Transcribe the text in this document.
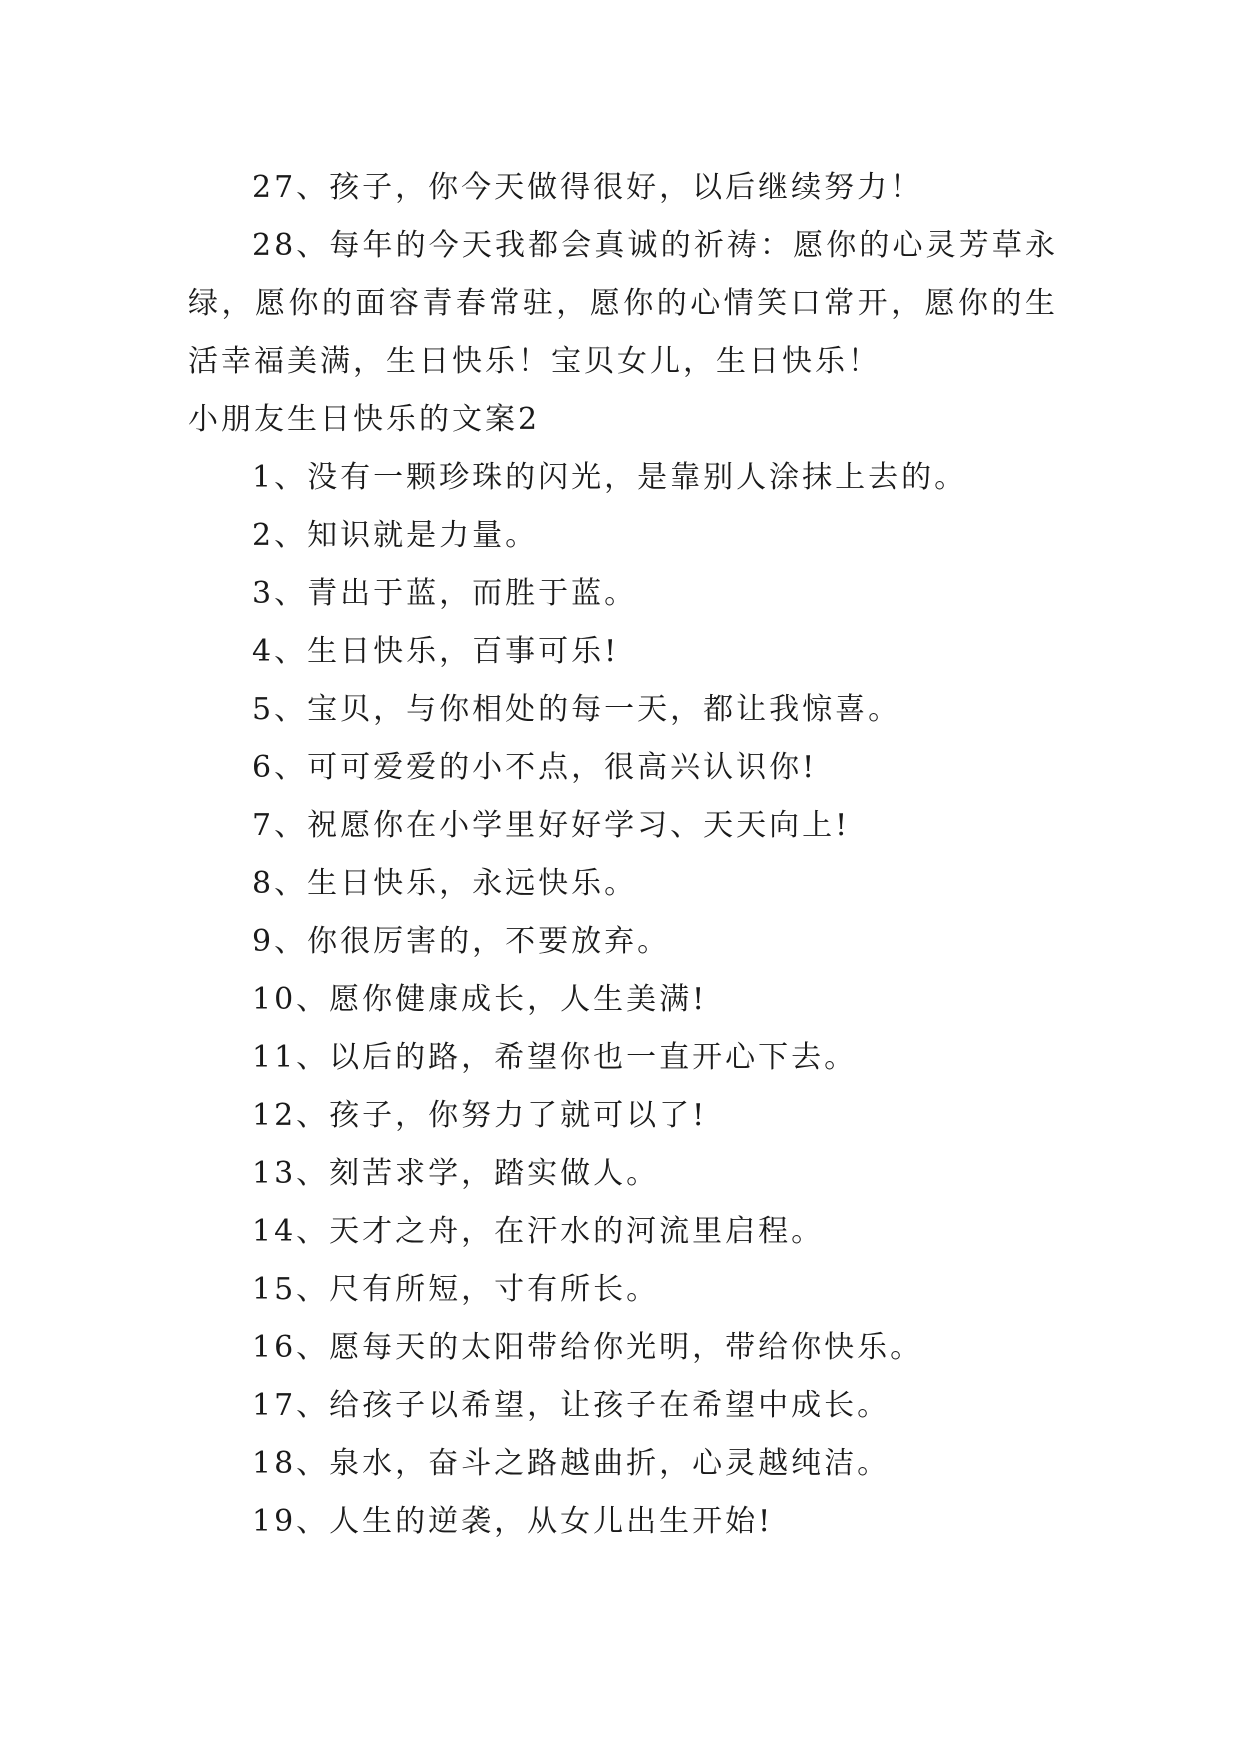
27、孩子，你今天做得很好，以后继续努力！

28、每年的今天我都会真诚的祈祷：愿你的心灵芳草永绿，愿你的面容青春常驻，愿你的心情笑口常开，愿你的生活幸福美满，生日快乐！宝贝女儿，生日快乐！

小朋友生日快乐的文案2
1、没有一颗珍珠的闪光，是靠别人涂抹上去的。
2、知识就是力量。
3、青出于蓝，而胜于蓝。
4、生日快乐，百事可乐!
5、宝贝，与你相处的每一天，都让我惊喜。
6、可可爱爱的小不点，很高兴认识你!
7、祝愿你在小学里好好学习、天天向上!
8、生日快乐，永远快乐。
9、你很厉害的，不要放弃。
10、愿你健康成长，人生美满!
11、以后的路，希望你也一直开心下去。
12、孩子，你努力了就可以了!
13、刻苦求学，踏实做人。
14、天才之舟，在汗水的河流里启程。
15、尺有所短，寸有所长。
16、愿每天的太阳带给你光明，带给你快乐。
17、给孩子以希望，让孩子在希望中成长。
18、泉水，奋斗之路越曲折，心灵越纯洁。
19、人生的逆袭，从女儿出生开始!
